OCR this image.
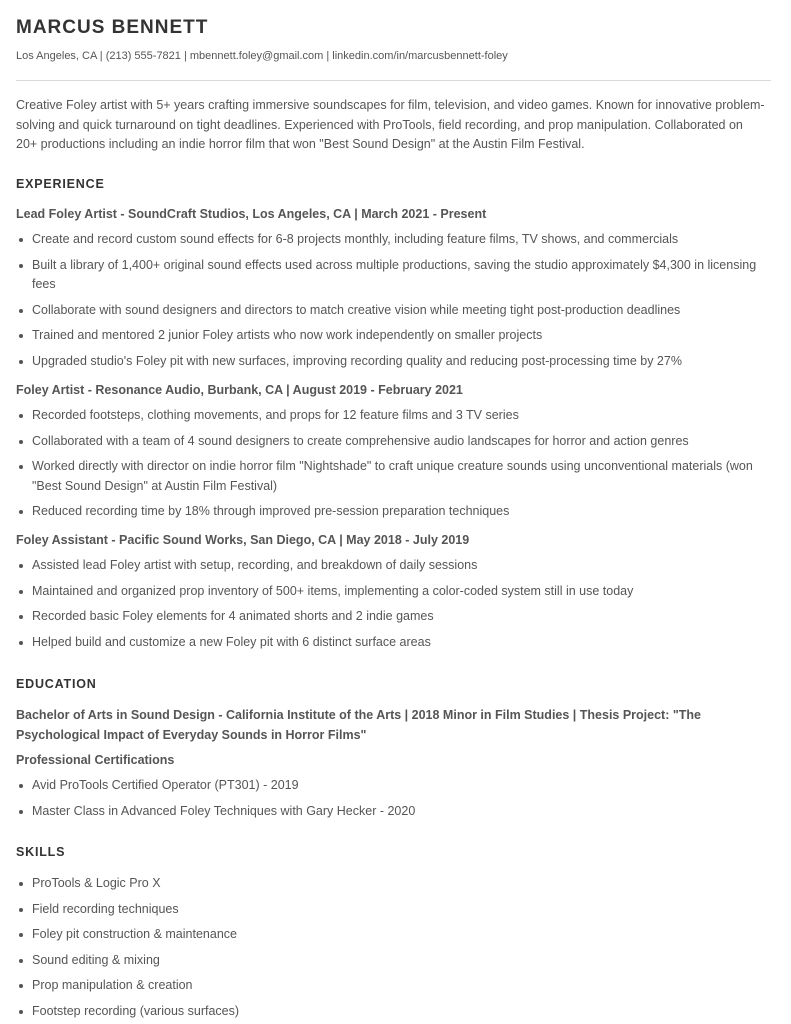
MARCUS BENNETT
Los Angeles, CA | (213) 555-7821 | mbennett.foley@gmail.com | linkedin.com/in/marcusbennett-foley

Creative Foley artist with 5+ years crafting immersive soundscapes for film, television, and video games. Known for innovative problem-solving and quick turnaround on tight deadlines. Experienced with ProTools, field recording, and prop manipulation. Collaborated on 20+ productions including an indie horror film that won "Best Sound Design" at the Austin Film Festival.

EXPERIENCE
Lead Foley Artist - SoundCraft Studios, Los Angeles, CA | March 2021 - Present
Create and record custom sound effects for 6-8 projects monthly, including feature films, TV shows, and commercials
Built a library of 1,400+ original sound effects used across multiple productions, saving the studio approximately $4,300 in licensing fees
Collaborate with sound designers and directors to match creative vision while meeting tight post-production deadlines
Trained and mentored 2 junior Foley artists who now work independently on smaller projects
Upgraded studio's Foley pit with new surfaces, improving recording quality and reducing post-processing time by 27%
Foley Artist - Resonance Audio, Burbank, CA | August 2019 - February 2021
Recorded footsteps, clothing movements, and props for 12 feature films and 3 TV series
Collaborated with a team of 4 sound designers to create comprehensive audio landscapes for horror and action genres
Worked directly with director on indie horror film "Nightshade" to craft unique creature sounds using unconventional materials (won "Best Sound Design" at Austin Film Festival)
Reduced recording time by 18% through improved pre-session preparation techniques
Foley Assistant - Pacific Sound Works, San Diego, CA | May 2018 - July 2019
Assisted lead Foley artist with setup, recording, and breakdown of daily sessions
Maintained and organized prop inventory of 500+ items, implementing a color-coded system still in use today
Recorded basic Foley elements for 4 animated shorts and 2 indie games
Helped build and customize a new Foley pit with 6 distinct surface areas
EDUCATION
Bachelor of Arts in Sound Design - California Institute of the Arts | 2018 Minor in Film Studies | Thesis Project: "The Psychological Impact of Everyday Sounds in Horror Films"
Professional Certifications
Avid ProTools Certified Operator (PT301) - 2019
Master Class in Advanced Foley Techniques with Gary Hecker - 2020
SKILLS
ProTools & Logic Pro X
Field recording techniques
Foley pit construction & maintenance
Sound editing & mixing
Prop manipulation & creation
Footstep recording (various surfaces)
